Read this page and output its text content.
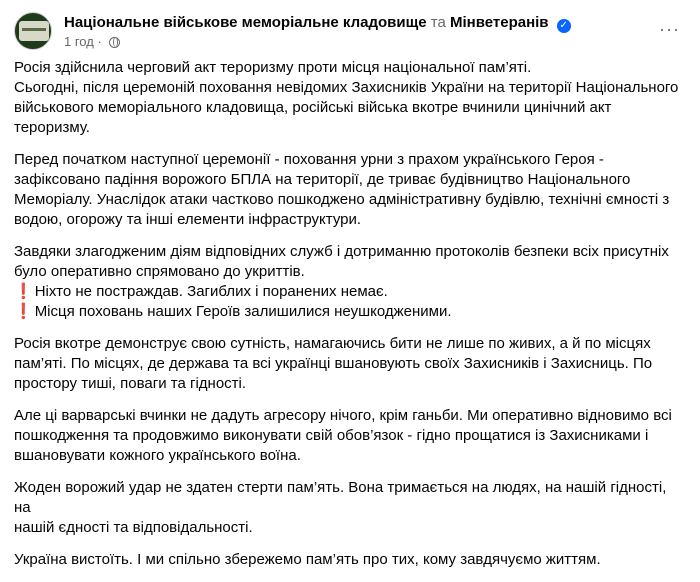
Національне військове меморіальне кладовище та Мінветеранів ✓
1 год ·
···

Росія здійснила черговий акт тероризму проти місця національної пам’яті.
Сьогодні, після церемоній поховання невідомих Захисників України на території Національного
військового меморіального кладовища, російські війська вкотре вчинили цинічний акт
тероризму.

Перед початком наступної церемонії - поховання урни з прахом українського Героя -
зафіксовано падіння ворожого БПЛА на території, де триває будівництво Національного
Меморіалу. Унаслідок атаки частково пошкоджено адміністративну будівлю, технічні ємності з
водою, огорожу та інші елементи інфраструктури.

Завдяки злагодженим діям відповідних служб і дотриманню протоколів безпеки всіх присутніх
було оперативно спрямовано до укриттів.
❗ Ніхто не постраждав. Загиблих і поранених немає.
❗ Місця поховань наших Героїв залишилися неушкодженими.

Росія вкотре демонструє свою сутність, намагаючись бити не лише по живих, а й по місцях
пам’яті. По місцях, де держава та всі українці вшановують своїх Захисників і Захисниць. По
простору тиші, поваги та гідності.

Але ці варварські вчинки не дадуть агресору нічого, крім ганьби. Ми оперативно відновимо всі
пошкодження та продовжимо виконувати свій обов’язок - гідно прощатися із Захисниками і
вшановувати кожного українського воїна.

Жоден ворожий удар не здатен стерти пам’ять. Вона тримається на людях, на нашій гідності, на
нашій єдності та відповідальності.

Україна вистоїть. І ми спільно збережемо пам’ять про тих, кому завдячуємо життям.
